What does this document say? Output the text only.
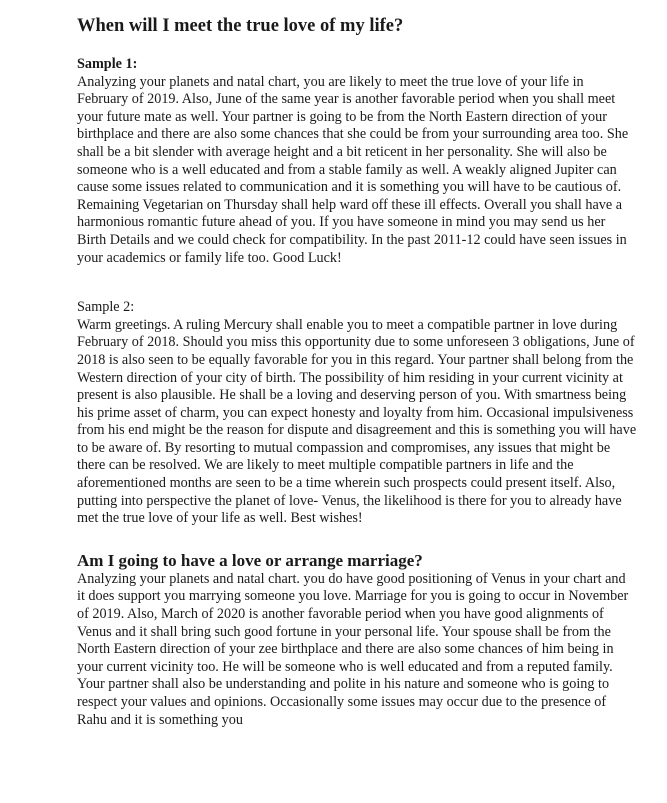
When will I meet the true love of my life?

Sample 1:

Analyzing your planets and natal chart, you are likely to meet the true love of your life in February of 2019. Also, June of the same year is another favorable period when you shall meet your future mate as well. Your partner is going to be from the North Eastern direction of your birthplace and there are also some chances that she could be from your surrounding area too. She shall be a bit slender with average height and a bit reticent in her personality. She will also be someone who is a well educated and from a stable family as well. A weakly aligned Jupiter can cause some issues related to communication and it is something you will have to be cautious of. Remaining Vegetarian on Thursday shall help ward off these ill effects. Overall you shall have a harmonious romantic future ahead of you. If you have someone in mind you may send us her Birth Details and we could check for compatibility. In the past 2011-12 could have seen issues in your academics or family life too. Good Luck!

Sample 2:

Warm greetings. A ruling Mercury shall enable you to meet a compatible partner in love during February of 2018. Should you miss this opportunity due to some unforeseen 3 obligations, June of 2018 is also seen to be equally favorable for you in this regard. Your partner shall belong from the Western direction of your city of birth. The possibility of him residing in your current vicinity at present is also plausible. He shall be a loving and deserving person of you. With smartness being his prime asset of charm, you can expect honesty and loyalty from him. Occasional impulsiveness from his end might be the reason for dispute and disagreement and this is something you will have to be aware of. By resorting to mutual compassion and compromises, any issues that might be there can be resolved. We are likely to meet multiple compatible partners in life and the aforementioned months are seen to be a time wherein such prospects could present itself. Also, putting into perspective the planet of love- Venus, the likelihood is there for you to already have met the true love of your life as well. Best wishes!

Am I going to have a love or arrange marriage?

Analyzing your planets and natal chart. you do have good positioning of Venus in your chart and it does support you marrying someone you love. Marriage for you is going to occur in November of 2019. Also, March of 2020 is another favorable period when you have good alignments of Venus and it shall bring such good fortune in your personal life. Your spouse shall be from the North Eastern direction of your zee birthplace and there are also some chances of him being in your current vicinity too. He will be someone who is well educated and from a reputed family. Your partner shall also be understanding and polite in his nature and someone who is going to respect your values and opinions. Occasionally some issues may occur due to the presence of Rahu and it is something you
